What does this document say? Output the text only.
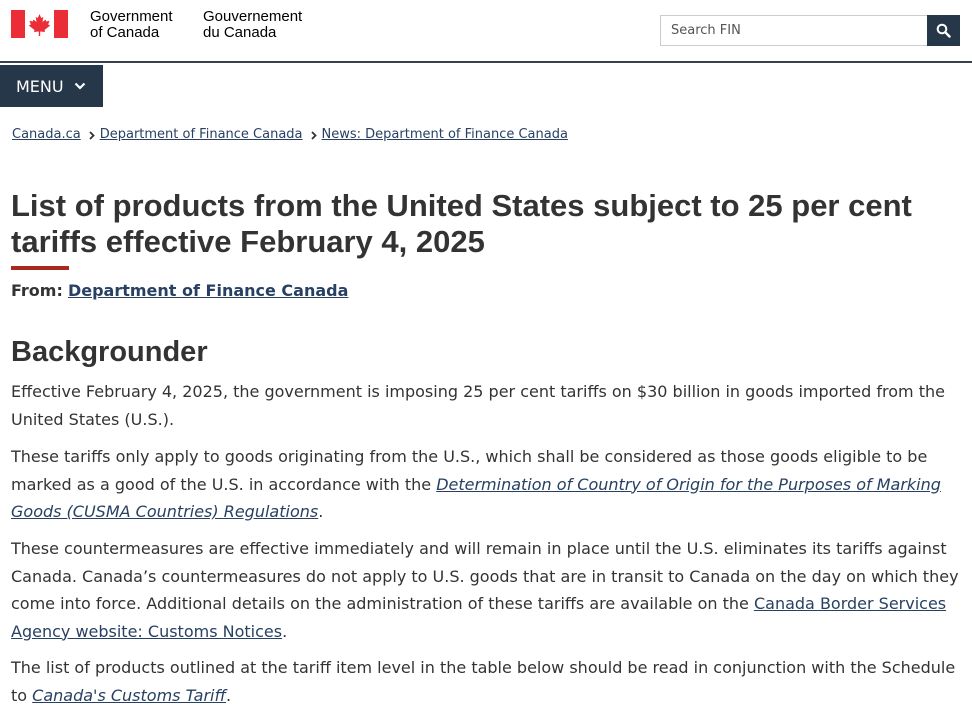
Government
of Canada
Gouvernement
du Canada
Search FIN
MENU
Canada.ca Department of Finance Canada News: Department of Finance Canada
List of products from the United States subject to 25 per cent tariffs effective February 4, 2025
From: Department of Finance Canada
Backgrounder

Effective February 4, 2025, the government is imposing 25 per cent tariffs on $30 billion in goods imported from the United States (U.S.).

These tariffs only apply to goods originating from the U.S., which shall be considered as those goods eligible to be marked as a good of the U.S. in accordance with the Determination of Country of Origin for the Purposes of Marking Goods (CUSMA Countries) Regulations.

These countermeasures are effective immediately and will remain in place until the U.S. eliminates its tariffs against Canada. Canada’s countermeasures do not apply to U.S. goods that are in transit to Canada on the day on which they come into force. Additional details on the administration of these tariffs are available on the Canada Border Services Agency website: Customs Notices.

The list of products outlined at the tariff item level in the table below should be read in conjunction with the Schedule to Canada's Customs Tariff.
